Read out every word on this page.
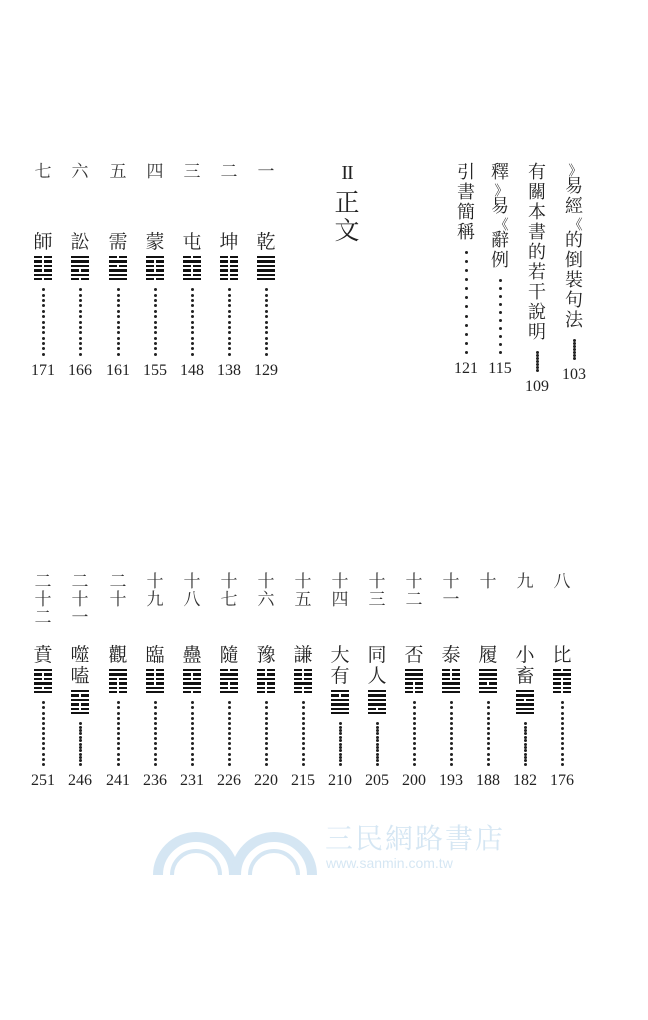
II
正
文
︽
易
經
︾
的
倒
裝
句
法
103
有
關
本
書
的
若
干
說
明
109
釋
︽
易
︾
辭
例
115
引
書
簡
稱
121
一
乾
129
二
坤
138
三
屯
148
四
蒙
155
五
需
161
六
訟
166
七
師
171
八
比
176
九
小
畜
182
十
履
188
十
一
泰
193
十
二
否
200
十
三
同
人
205
十
四
大
有
210
十
五
謙
215
十
六
豫
220
十
七
隨
226
十
八
蠱
231
十
九
臨
236
二
十
觀
241
二
十
一
噬
嗑
246
二
十
二
賁
251
三民網路書店
www.sanmin.com.tw
